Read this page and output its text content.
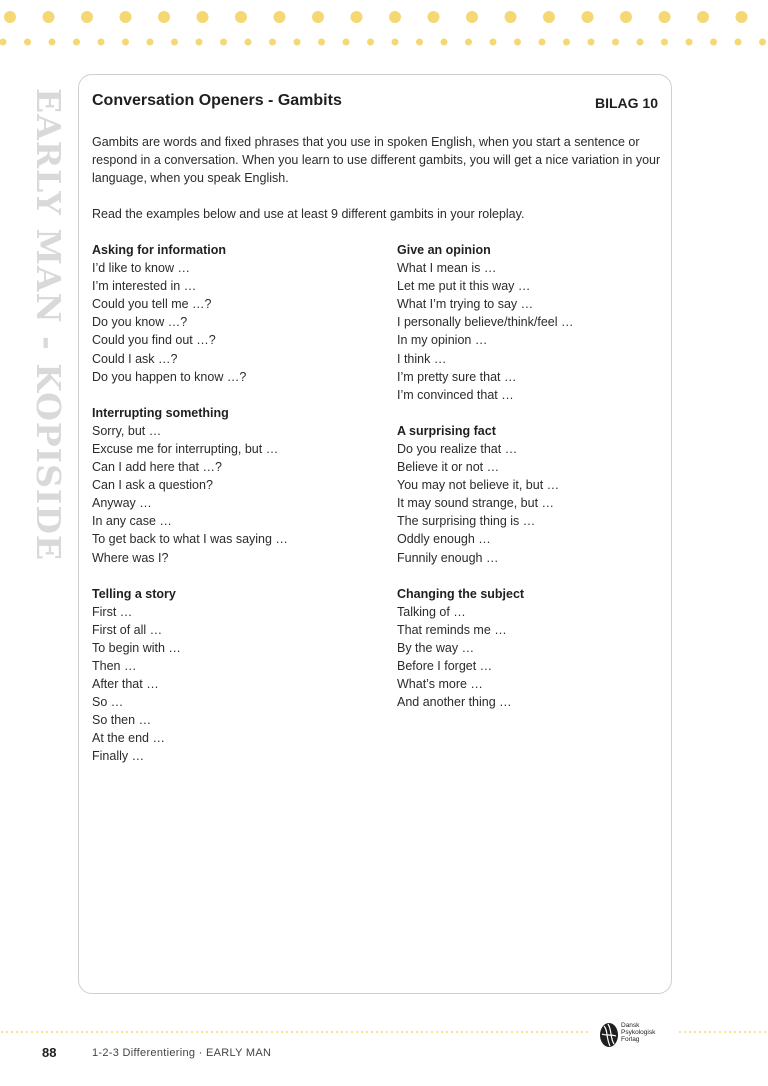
EARLY MAN - KOPISIDE Conversation Openers - Gambits	BILAG 10

Gambits are words and fixed phrases that you use in spoken English, when you start a sentence or respond in a conversation. When you learn to use different gambits, you will get a nice variation in your language, when you speak English.

Read the examples below and use at least 9 different gambits in your roleplay.

Asking for information
I’d like to know …
I’m interested in …
Could you tell me …?
Do you know …?
Could you find out …?
Could I ask …?
Do you happen to know …?
Interrupting something
Sorry, but …
Excuse me for interrupting, but …
Can I add here that …?
Can I ask a question?
Anyway …
In any case …
To get back to what I was saying …
Where was I?
Telling a story
First …
First of all …
To begin with …
Then …
After that …
So …
So then …
At the end …
Finally …
Give an opinion
What I mean is …
Let me put it this way …
What I’m trying to say …
I personally believe/think/feel …
In my opinion …
I think …
I’m pretty sure that …
I’m convinced that …
A surprising fact
Do you realize that …
Believe it or not …
You may not believe it, but …
It may sound strange, but …
The surprising thing is …
Oddly enough …
Funnily enough …
Changing the subject
Talking of …
That reminds me …
By the way …
Before I forget …
What’s more …
And another thing …
Dansk
Psykologisk
Forlag
88	1-2-3 Differentiering · EARLY MAN
